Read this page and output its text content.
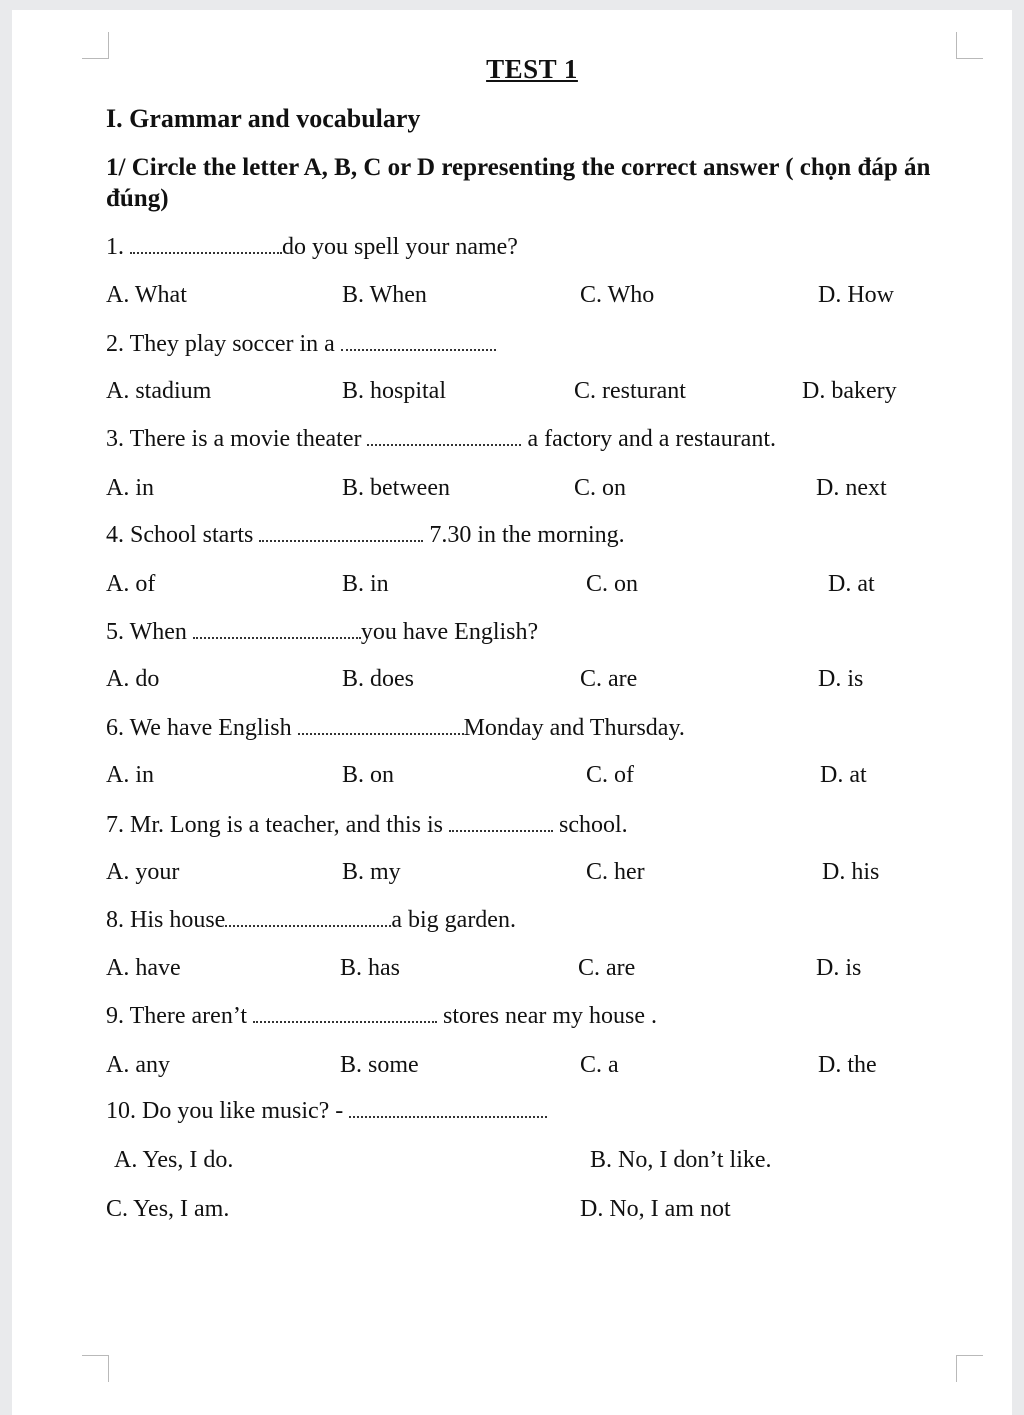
TEST 1
I. Grammar and vocabulary
1/ Circle the letter A, B, C or D representing the correct answer ( chọn đáp án đúng)
1.	do you spell your name?
A. What	B. When	C. Who	D. How
2. They play soccer in a
A. stadium	B. hospital	C. resturant	D. bakery
3. There is a movie theater	a factory and a restaurant.
A. in	B. between	C. on	D. next
4. School starts	7.30 in the morning.
A. of	B. in	C. on	D. at
5. When	you have English?
A. do	B. does	C. are	D. is
6. We have English	Monday and Thursday.
A. in	B. on	C. of	D. at
7. Mr. Long is a teacher, and this is	school.
A. your	B. my	C. her	D. his
8. His house	a big garden.
A. have	B. has	C. are	D. is
9. There aren’t	stores near my house .
A. any	B. some	C. a	D. the
10. Do you like music? -
A. Yes, I do.	B. No, I don’t like.
C. Yes, I am.	D. No, I am not
